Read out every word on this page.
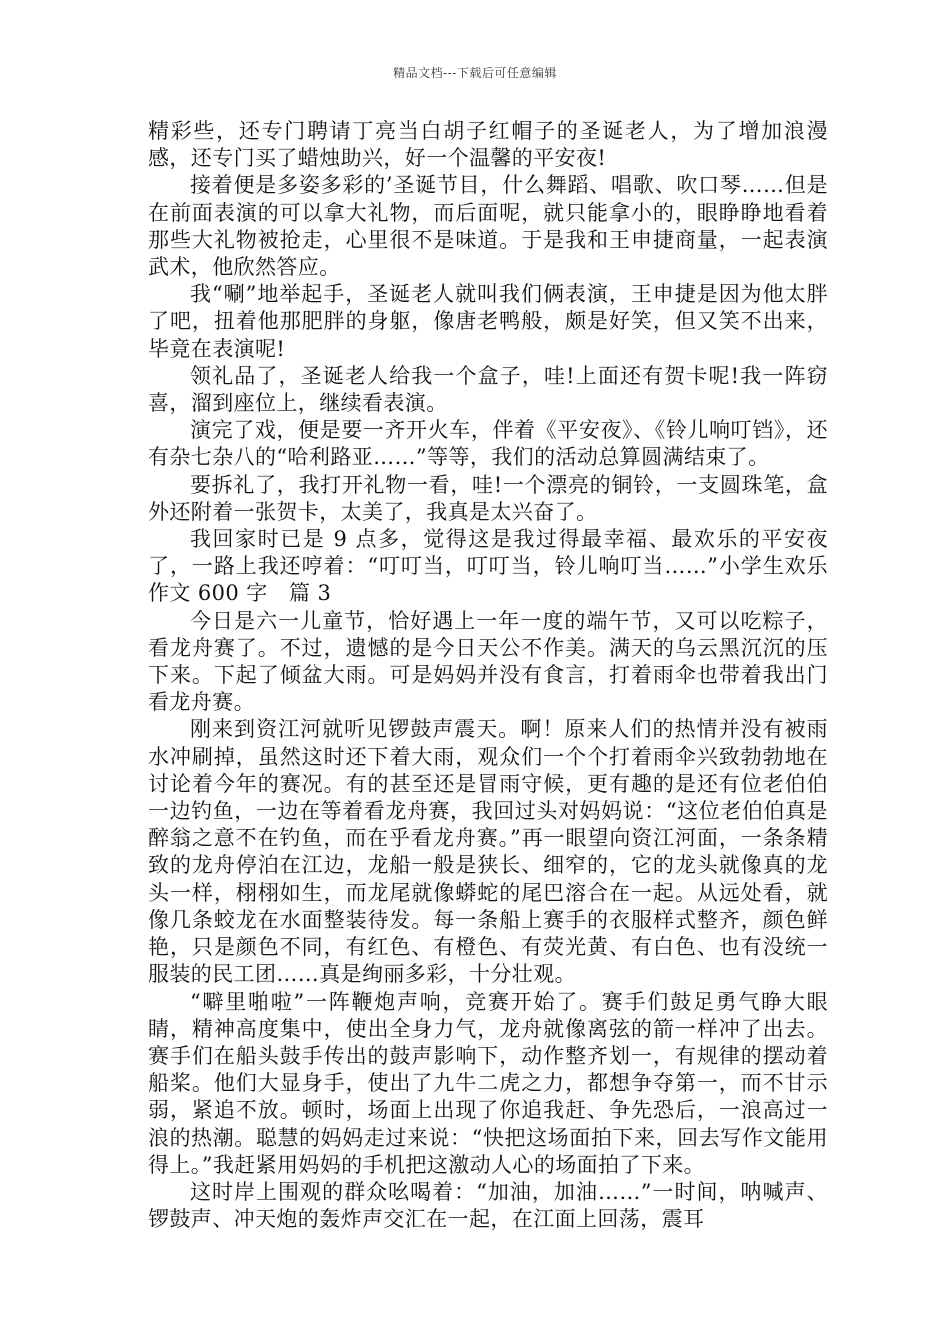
精品文档---下载后可任意编辑

精彩些，还专门聘请丁亮当白胡子红帽子的圣诞老人，为了增加浪漫感，还专门买了蜡烛助兴，好一个温馨的平安夜!

接着便是多姿多彩的’圣诞节目，什么舞蹈、唱歌、吹口琴……但是在前面表演的可以拿大礼物，而后面呢，就只能拿小的，眼睁睁地看着那些大礼物被抢走，心里很不是味道。于是我和王申捷商量，一起表演武术，他欣然答应。

我“唰”地举起手，圣诞老人就叫我们俩表演，王申捷是因为他太胖了吧，扭着他那肥胖的身躯，像唐老鸭般，颇是好笑，但又笑不出来，毕竟在表演呢!

领礼品了，圣诞老人给我一个盒子，哇!上面还有贺卡呢!我一阵窃喜，溜到座位上，继续看表演。

演完了戏，便是要一齐开火车，伴着《平安夜》、《铃儿响叮铛》，还有杂七杂八的“哈利路亚……”等等，我们的活动总算圆满结束了。

要拆礼了，我打开礼物一看，哇!一个漂亮的铜铃，一支圆珠笔，盒外还附着一张贺卡，太美了，我真是太兴奋了。

我回家时已是 9 点多，觉得这是我过得最幸福、最欢乐的平安夜了，一路上我还哼着：“叮叮当，叮叮当，铃儿响叮当……”小学生欢乐作文 600 字　篇 3

今日是六一儿童节，恰好遇上一年一度的端午节，又可以吃粽子，看龙舟赛了。不过，遗憾的是今日天公不作美。满天的乌云黑沉沉的压下来。下起了倾盆大雨。可是妈妈并没有食言，打着雨伞也带着我出门看龙舟赛。

刚来到资江河就听见锣鼓声震天。啊！原来人们的热情并没有被雨水冲刷掉，虽然这时还下着大雨，观众们一个个打着雨伞兴致勃勃地在讨论着今年的赛况。有的甚至还是冒雨守候，更有趣的是还有位老伯伯一边钓鱼，一边在等着看龙舟赛，我回过头对妈妈说：“这位老伯伯真是醉翁之意不在钓鱼，而在乎看龙舟赛。”再一眼望向资江河面，一条条精致的龙舟停泊在江边，龙船一般是狭长、细窄的，它的龙头就像真的龙头一样，栩栩如生，而龙尾就像蟒蛇的尾巴溶合在一起。从远处看，就像几条蛟龙在水面整装待发。每一条船上赛手的衣服样式整齐，颜色鲜艳，只是颜色不同，有红色、有橙色、有荧光黄、有白色、也有没统一服装的民工团……真是绚丽多彩，十分壮观。

“噼里啪啦”一阵鞭炮声响，竞赛开始了。赛手们鼓足勇气睁大眼睛，精神高度集中，使出全身力气，龙舟就像离弦的箭一样冲了出去。赛手们在船头鼓手传出的鼓声影响下，动作整齐划一，有规律的摆动着船桨。他们大显身手，使出了九牛二虎之力，都想争夺第一，而不甘示弱，紧追不放。顿时，场面上出现了你追我赶、争先恐后，一浪高过一浪的热潮。聪慧的妈妈走过来说：“快把这场面拍下来，回去写作文能用得上。”我赶紧用妈妈的手机把这激动人心的场面拍了下来。

这时岸上围观的群众吆喝着：“加油，加油……”一时间，呐喊声、锣鼓声、冲天炮的轰炸声交汇在一起，在江面上回荡，震耳
